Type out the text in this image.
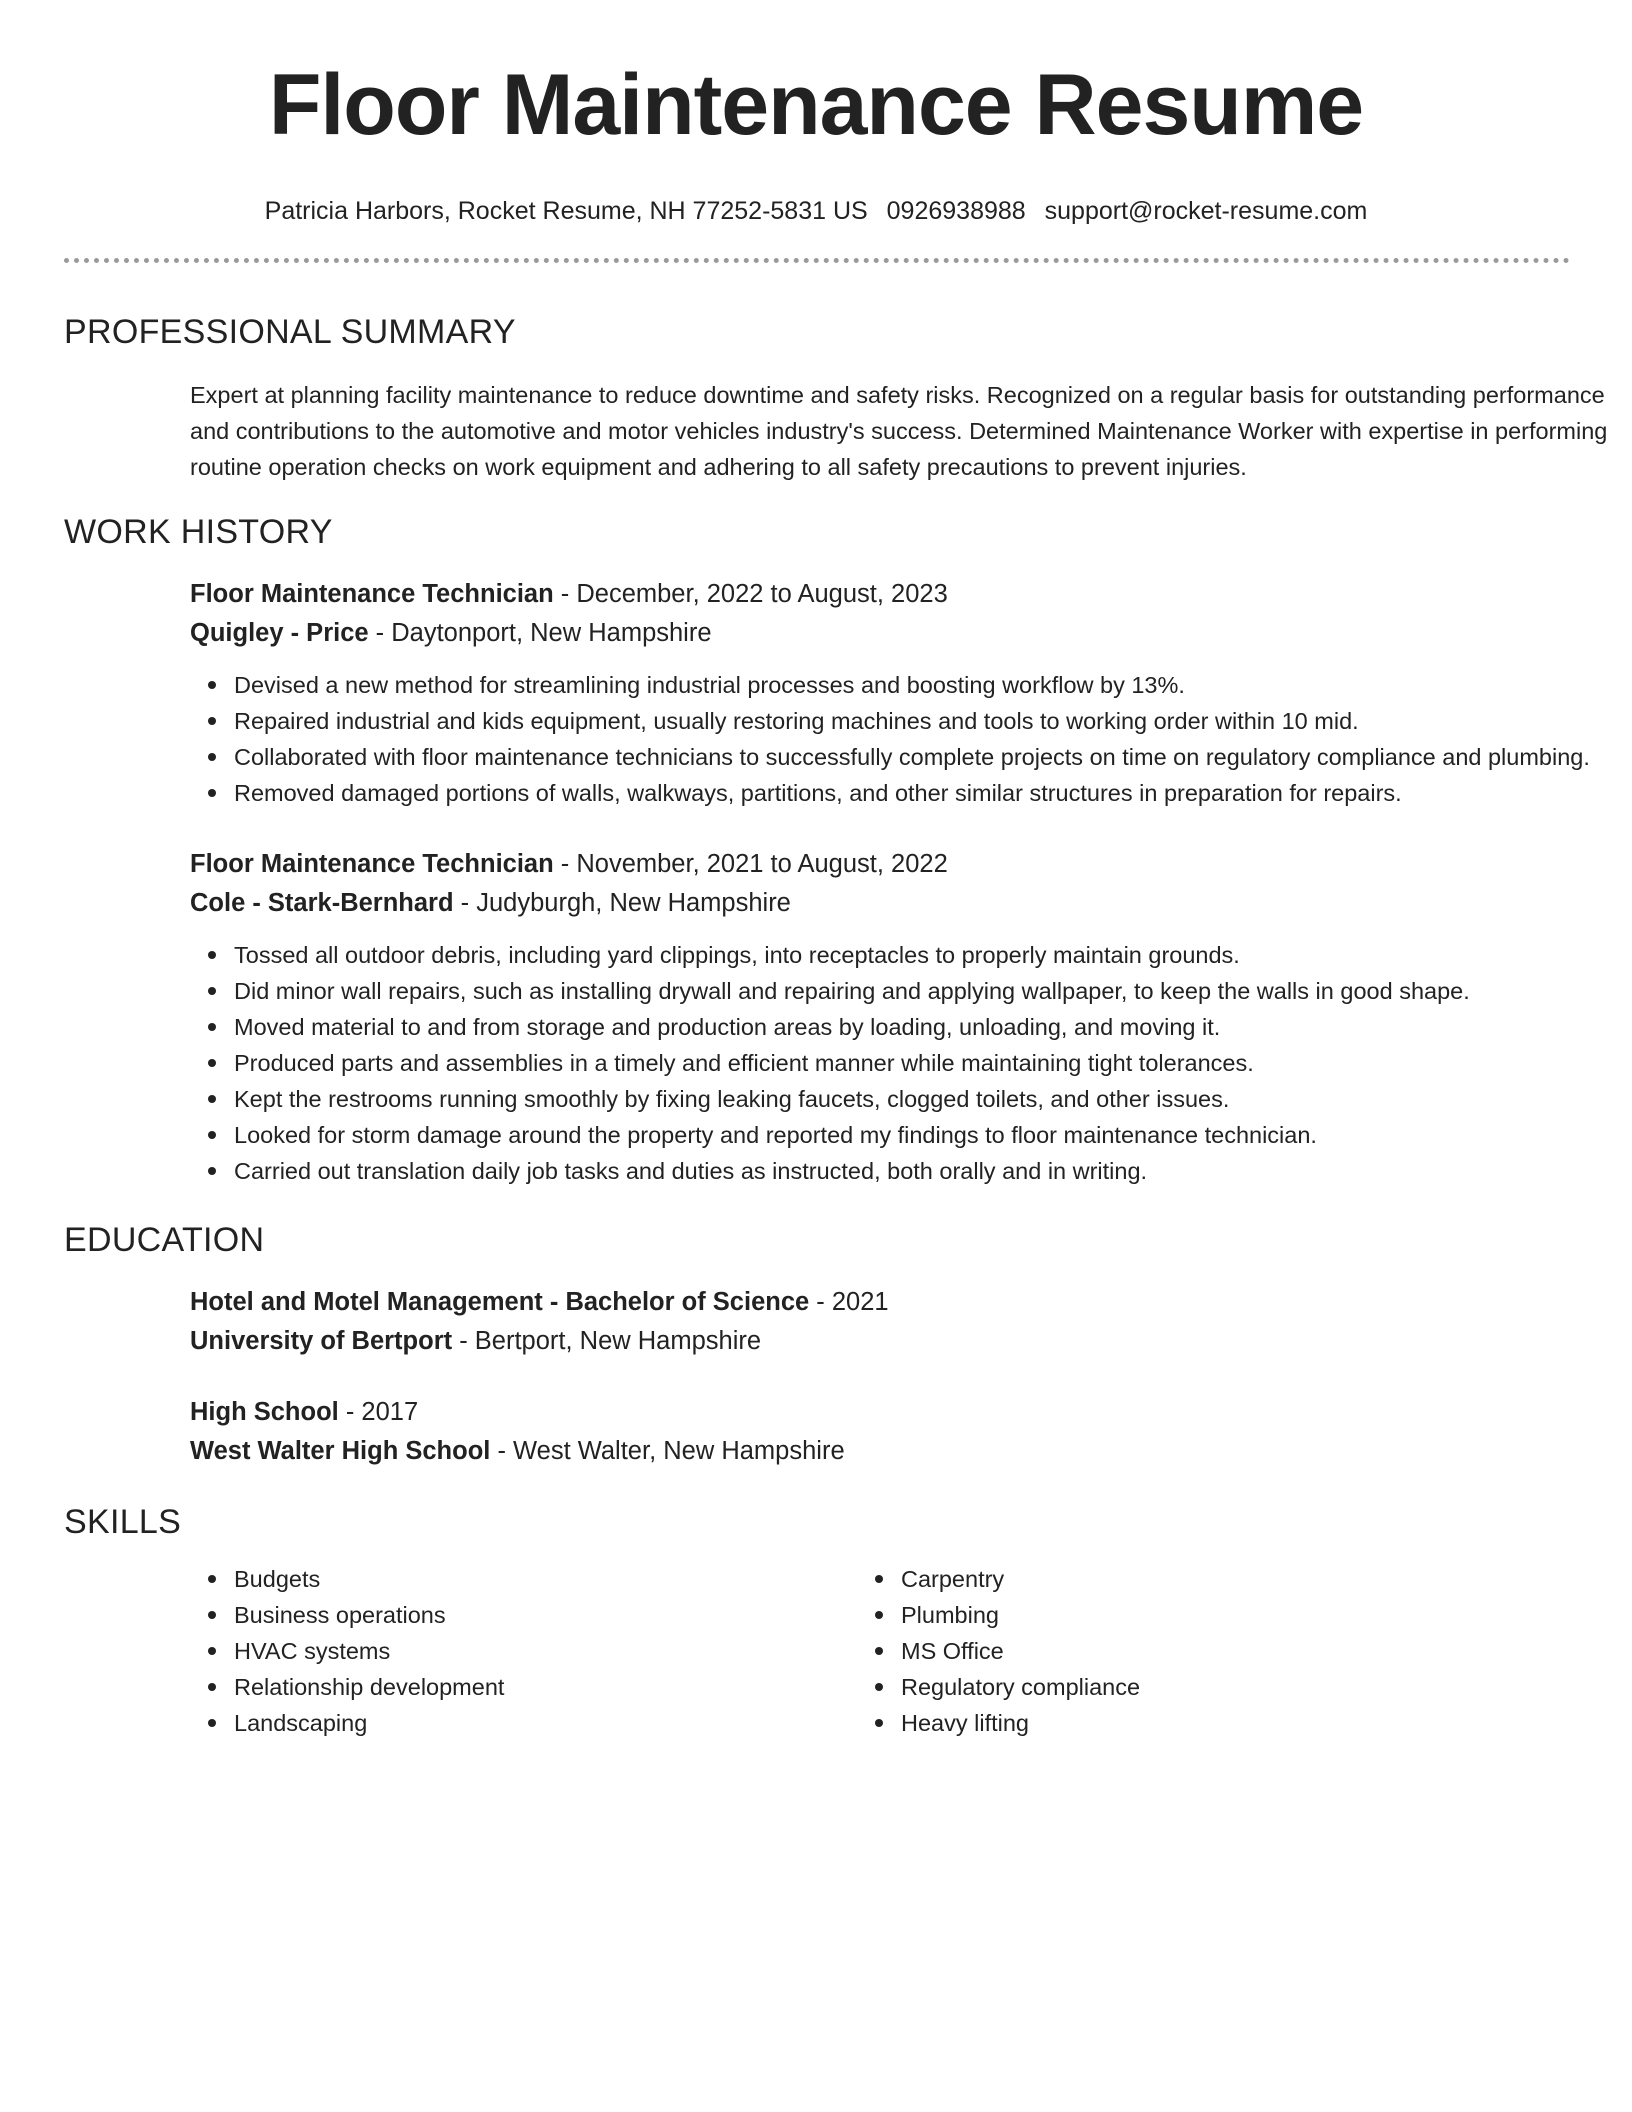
Floor Maintenance Resume
Patricia Harbors, Rocket Resume, NH 77252-5831 US 0926938988 support@rocket-resume.com
PROFESSIONAL SUMMARY

Expert at planning facility maintenance to reduce downtime and safety risks. Recognized on a regular basis for outstanding performance and contributions to the automotive and motor vehicles industry's success. Determined Maintenance Worker with expertise in performing routine operation checks on work equipment and adhering to all safety precautions to prevent injuries.

WORK HISTORY
Floor Maintenance Technician - December, 2022 to August, 2023
Quigley - Price - Daytonport, New Hampshire
Devised a new method for streamlining industrial processes and boosting workflow by 13%.
Repaired industrial and kids equipment, usually restoring machines and tools to working order within 10 mid.
Collaborated with floor maintenance technicians to successfully complete projects on time on regulatory compliance and plumbing.
Removed damaged portions of walls, walkways, partitions, and other similar structures in preparation for repairs.
Floor Maintenance Technician - November, 2021 to August, 2022
Cole - Stark-Bernhard - Judyburgh, New Hampshire
Tossed all outdoor debris, including yard clippings, into receptacles to properly maintain grounds.
Did minor wall repairs, such as installing drywall and repairing and applying wallpaper, to keep the walls in good shape.
Moved material to and from storage and production areas by loading, unloading, and moving it.
Produced parts and assemblies in a timely and efficient manner while maintaining tight tolerances.
Kept the restrooms running smoothly by fixing leaking faucets, clogged toilets, and other issues.
Looked for storm damage around the property and reported my findings to floor maintenance technician.
Carried out translation daily job tasks and duties as instructed, both orally and in writing.
EDUCATION
Hotel and Motel Management - Bachelor of Science - 2021
University of Bertport - Bertport, New Hampshire
High School - 2017
West Walter High School - West Walter, New Hampshire
SKILLS
Budgets
Business operations
HVAC systems
Relationship development
Landscaping
Carpentry
Plumbing
MS Office
Regulatory compliance
Heavy lifting
